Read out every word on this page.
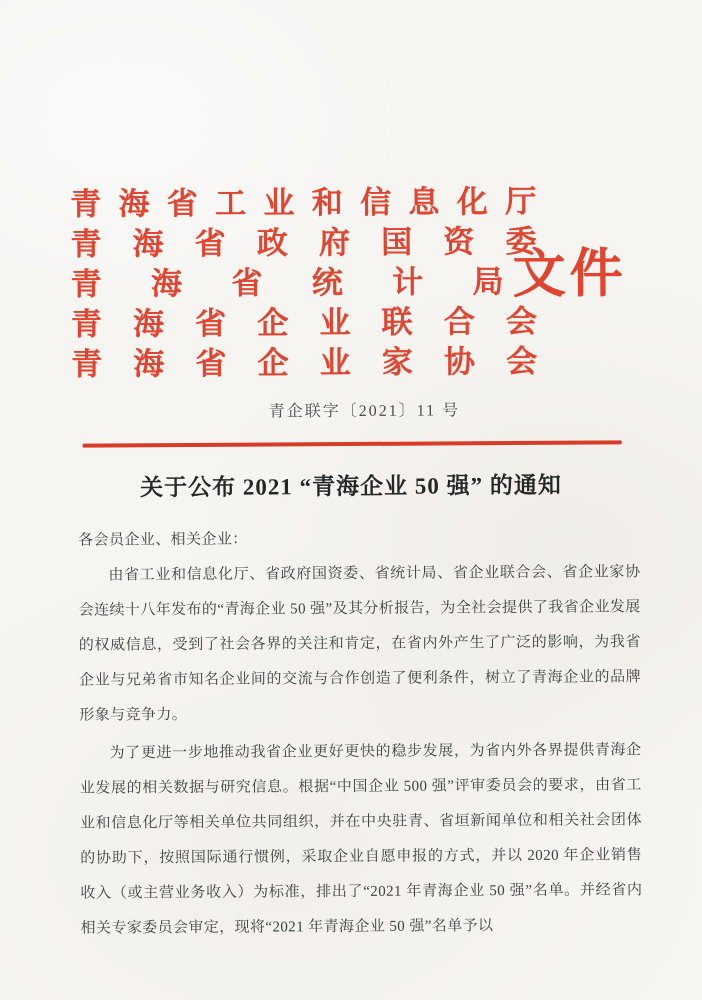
青 海 省 工 业 和 信 息 化 厅
青 海 省 政 府 国 资 委
青 海 省 统 计 局
青 海 省 企 业 联 合 会
青 海 省 企 业 家 协 会
文 件
青企联字〔2021〕11 号
关于公布 2021 “青海企业 50 强” 的通知

各会员企业、相关企业：

由省工业和信息化厅、省政府国资委、省统计局、省企业联合会、省企业家协会连续十八年发布的“青海企业 50 强”及其分析报告，为全社会提供了我省企业发展的权威信息，受到了社会各界的关注和肯定，在省内外产生了广泛的影响，为我省企业与兄弟省市知名企业间的交流与合作创造了便利条件，树立了青海企业的品牌形象与竞争力。

为了更进一步地推动我省企业更好更快的稳步发展，为省内外各界提供青海企业发展的相关数据与研究信息。根据“中国企业 500 强”评审委员会的要求，由省工业和信息化厅等相关单位共同组织，并在中央驻青、省垣新闻单位和相关社会团体的协助下，按照国际通行惯例，采取企业自愿申报的方式，并以 2020 年企业销售收入（或主营业务收入）为标准，排出了“2021 年青海企业 50 强”名单。并经省内相关专家委员会审定，现将“2021 年青海企业 50 强”名单予以
